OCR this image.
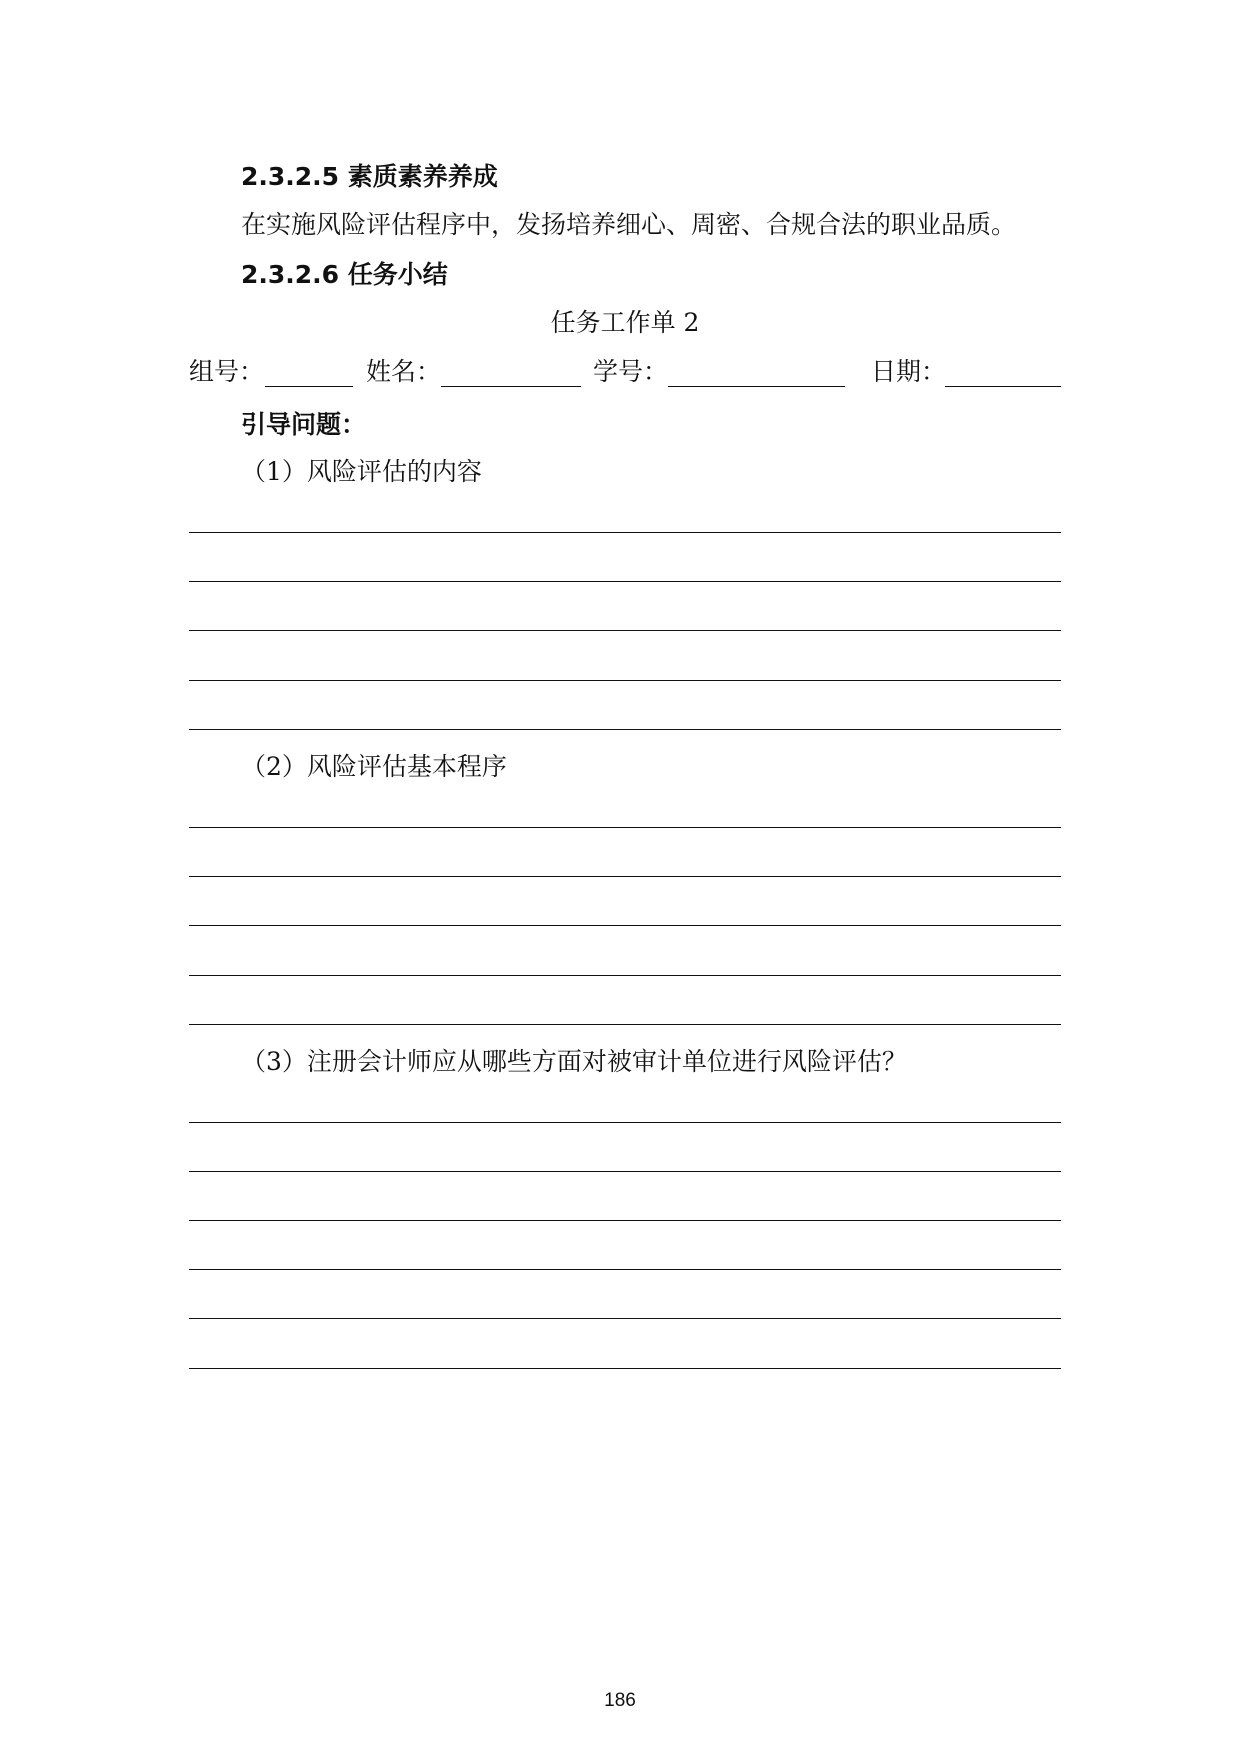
2.3.2.5 素质素养养成
在实施风险评估程序中，发扬培养细心、周密、合规合法的职业品质。
2.3.2.6 任务小结
任务工作单 2
组号：	姓名：	学号：	日期：
引导问题：
（1）风险评估的内容
（2）风险评估基本程序
（3）注册会计师应从哪些方面对被审计单位进行风险评估？
186
